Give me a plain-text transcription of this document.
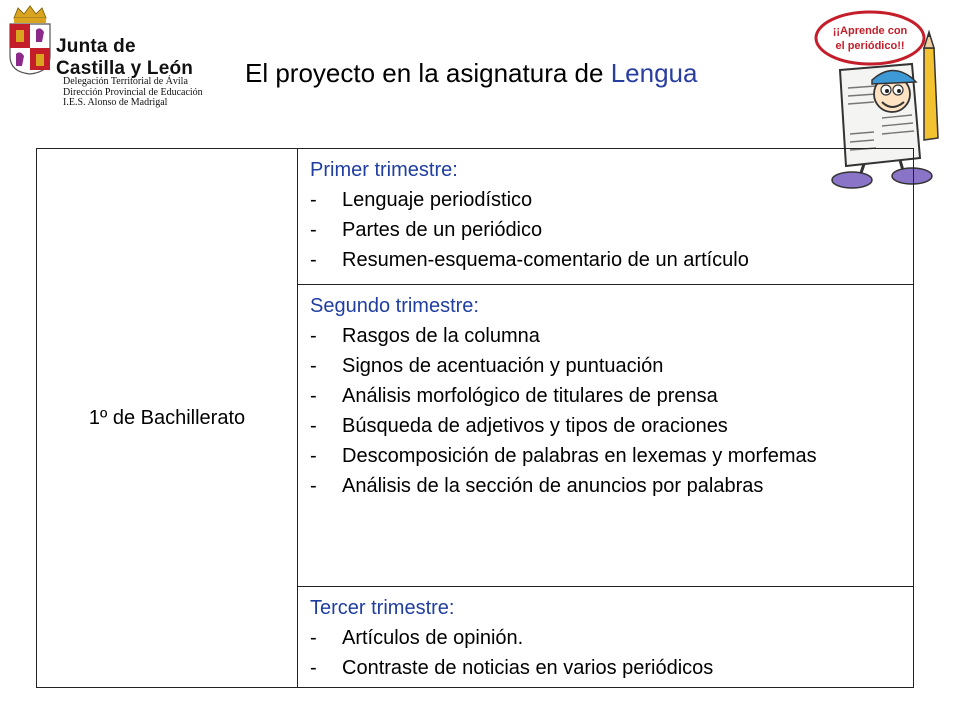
Junta de
Castilla y León
Delegación Territorial de Ávila
Dirección Provincial de Educación
I.E.S. Alonso de Madrigal
El proyecto en la asignatura de Lengua
¡¡Aprende con
el periódico!!
1º de Bachillerato	
Primer trimestre:
-	Lenguaje periodístico
-	Partes de un periódico
-	Resumen-esquema-comentario de un artículo

Segundo trimestre:
-	Rasgos de la columna
-	Signos de acentuación y puntuación
-	Análisis morfológico de titulares de prensa
-	Búsqueda de adjetivos y tipos de oraciones
-	Descomposición de palabras en lexemas y morfemas
-	Análisis de la sección de anuncios por palabras

Tercer trimestre:
-	Artículos de opinión.
-	Contraste de noticias en varios periódicos
